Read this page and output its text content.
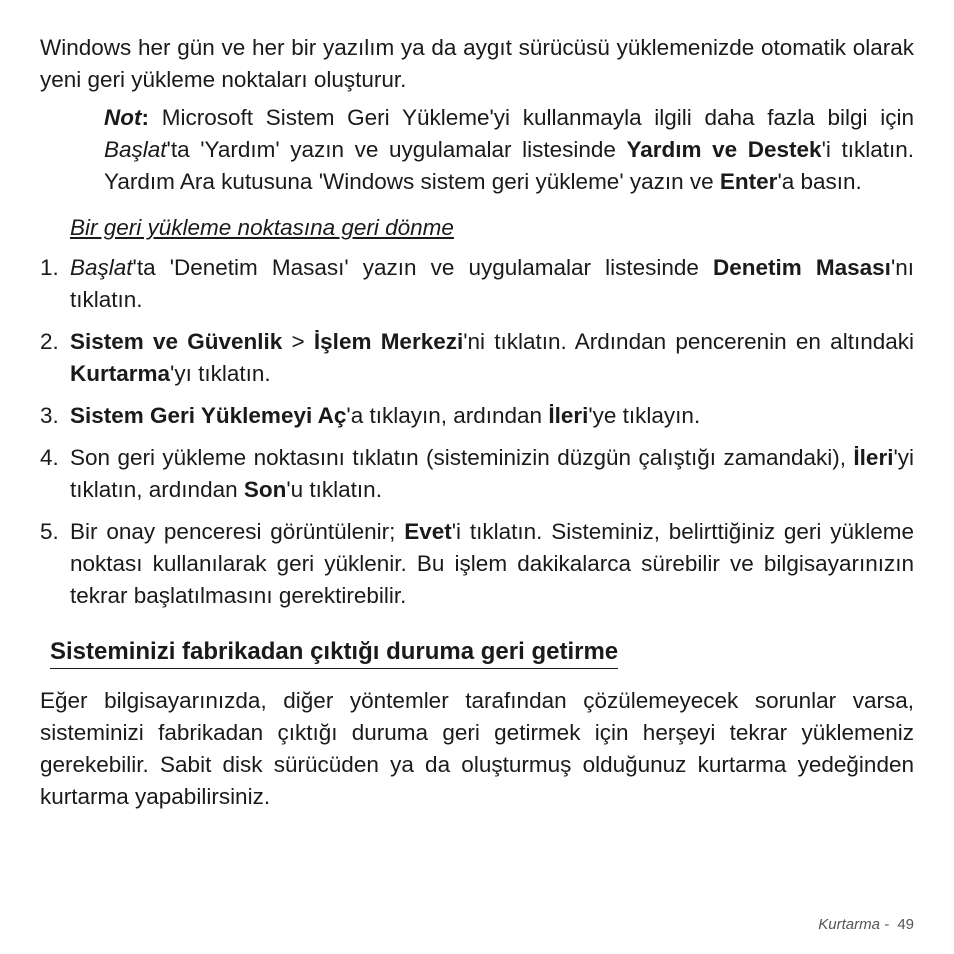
Windows her gün ve her bir yazılım ya da aygıt sürücüsü yüklemenizde otomatik olarak yeni geri yükleme noktaları oluşturur.

Not: Microsoft Sistem Geri Yükleme'yi kullanmayla ilgili daha fazla bilgi için Başlat'ta 'Yardım' yazın ve uygulamalar listesinde Yardım ve Destek'i tıklatın. Yardım Ara kutusuna 'Windows sistem geri yükleme' yazın ve Enter'a basın.

Bir geri yükleme noktasına geri dönme
1. Başlat'ta 'Denetim Masası' yazın ve uygulamalar listesinde Denetim Masası'nı tıklatın.
2. Sistem ve Güvenlik > İşlem Merkezi'ni tıklatın. Ardından pencerenin en altındaki Kurtarma'yı tıklatın.
3. Sistem Geri Yüklemeyi Aç'a tıklayın, ardından İleri'ye tıklayın.
4. Son geri yükleme noktasını tıklatın (sisteminizin düzgün çalıştığı zamandaki), İleri'yi tıklatın, ardından Son'u tıklatın.
5. Bir onay penceresi görüntülenir; Evet'i tıklatın. Sisteminiz, belirttiğiniz geri yükleme noktası kullanılarak geri yüklenir. Bu işlem dakikalarca sürebilir ve bilgisayarınızın tekrar başlatılmasını gerektirebilir.
Sisteminizi fabrikadan çıktığı duruma geri getirme

Eğer bilgisayarınızda, diğer yöntemler tarafından çözülemeyecek sorunlar varsa, sisteminizi fabrikadan çıktığı duruma geri getirmek için herşeyi tekrar yüklemeniz gerekebilir. Sabit disk sürücüden ya da oluşturmuş olduğunuz kurtarma yedeğinden kurtarma yapabilirsiniz.

Kurtarma - 49
